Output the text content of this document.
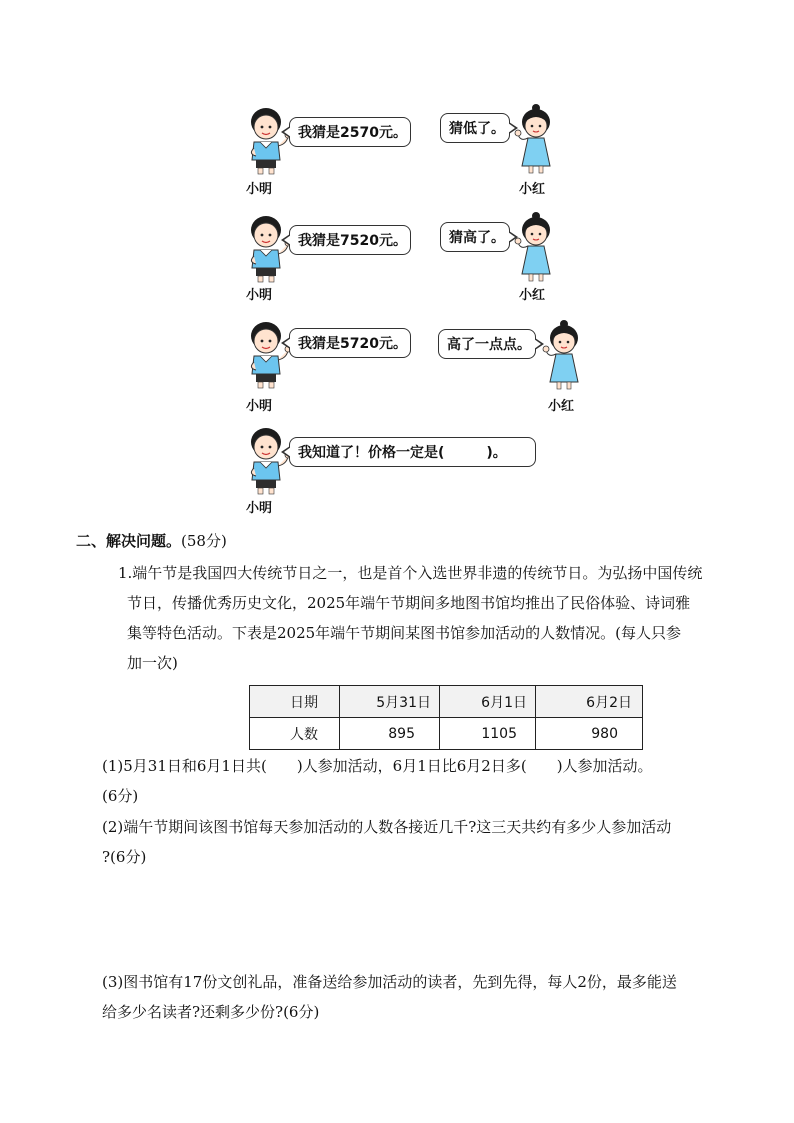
小明
我猜是2570元。	猜低了。
小红
小明
我猜是7520元。	猜高了。
小红
小明
我猜是5720元。	高了一点点。
小红
小明
我知道了！价格一定是(　　　)。
二、解决问题。(58分)
1.端午节是我国四大传统节日之一，也是首个入选世界非遗的传统节日。为弘扬中国传统
节日，传播优秀历史文化，2025年端午节期间多地图书馆均推出了民俗体验、诗词雅
集等特色活动。下表是2025年端午节期间某图书馆参加活动的人数情况。(每人只参
加一次)
日期	5月31日	6月1日	6月2日
人数	895	1105	980
(1)5月31日和6月1日共(　　)人参加活动，6月1日比6月2日多(　　)人参加活动。
(6分)
(2)端午节期间该图书馆每天参加活动的人数各接近几千?这三天共约有多少人参加活动
?(6分)
(3)图书馆有17份文创礼品，准备送给参加活动的读者，先到先得，每人2份，最多能送
给多少名读者?还剩多少份?(6分)
